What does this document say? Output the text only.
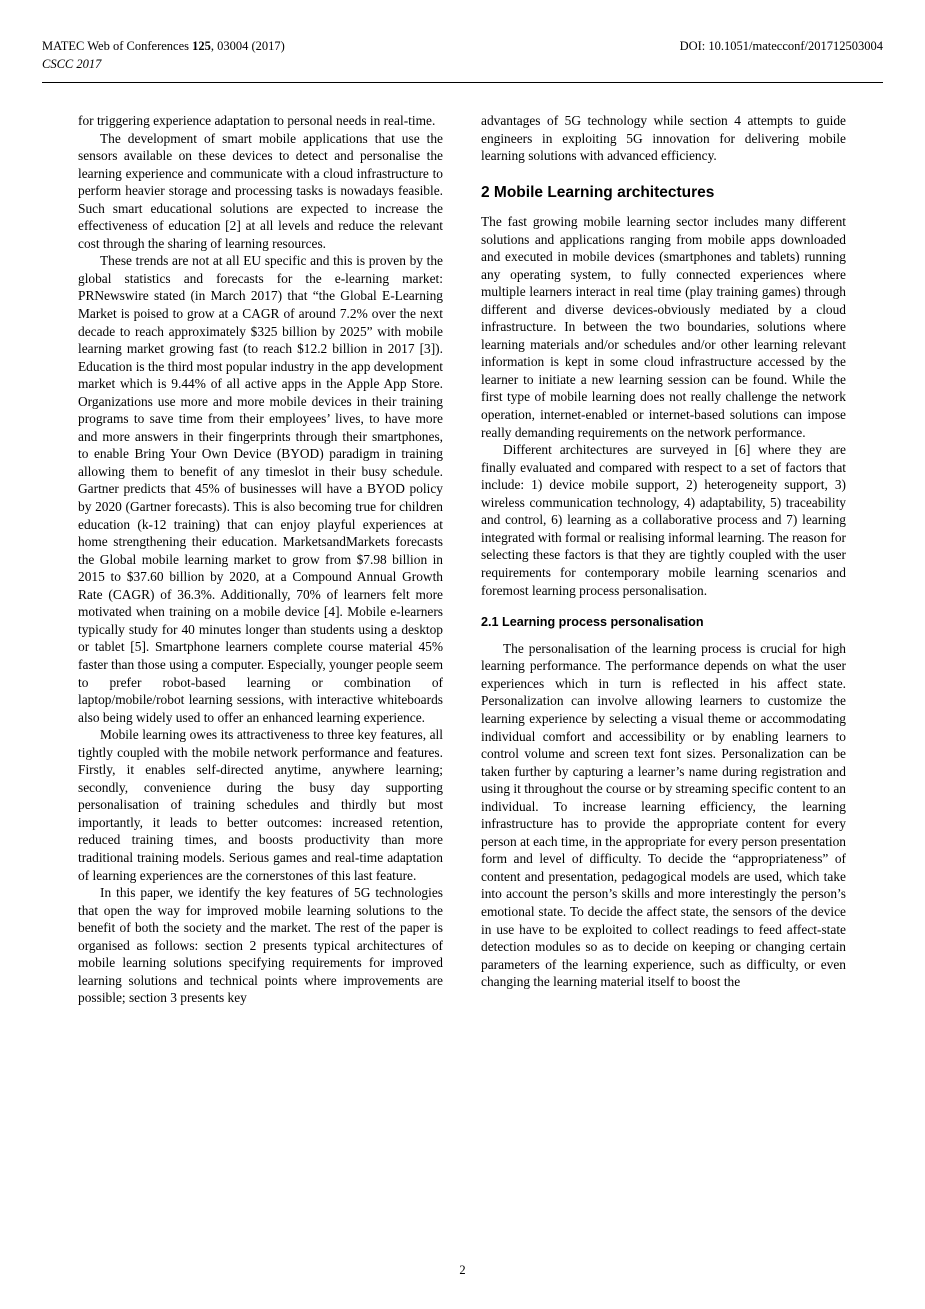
MATEC Web of Conferences 125, 03004 (2017)	DOI: 10.1051/matecconf/201712503004
CSCC 2017

for triggering experience adaptation to personal needs in real-time.

The development of smart mobile applications that use the sensors available on these devices to detect and personalise the learning experience and communicate with a cloud infrastructure to perform heavier storage and processing tasks is nowadays feasible. Such smart educational solutions are expected to increase the effectiveness of education [2] at all levels and reduce the relevant cost through the sharing of learning resources.

These trends are not at all EU specific and this is proven by the global statistics and forecasts for the e-learning market: PRNewswire stated (in March 2017) that “the Global E-Learning Market is poised to grow at a CAGR of around 7.2% over the next decade to reach approximately $325 billion by 2025” with mobile learning market growing fast (to reach $12.2 billion in 2017 [3]). Education is the third most popular industry in the app development market which is 9.44% of all active apps in the Apple App Store. Organizations use more and more mobile devices in their training programs to save time from their employees’ lives, to have more and more answers in their fingerprints through their smartphones, to enable Bring Your Own Device (BYOD) paradigm in training allowing them to benefit of any timeslot in their busy schedule. Gartner predicts that 45% of businesses will have a BYOD policy by 2020 (Gartner forecasts). This is also becoming true for children education (k-12 training) that can enjoy playful experiences at home strengthening their education. MarketsandMarkets forecasts the Global mobile learning market to grow from $7.98 billion in 2015 to $37.60 billion by 2020, at a Compound Annual Growth Rate (CAGR) of 36.3%. Additionally, 70% of learners felt more motivated when training on a mobile device [4]. Mobile e-learners typically study for 40 minutes longer than students using a desktop or tablet [5]. Smartphone learners complete course material 45% faster than those using a computer. Especially, younger people seem to prefer robot-based learning or combination of laptop/mobile/robot learning sessions, with interactive whiteboards also being widely used to offer an enhanced learning experience.

Mobile learning owes its attractiveness to three key features, all tightly coupled with the mobile network performance and features. Firstly, it enables self-directed anytime, anywhere learning; secondly, convenience during the busy day supporting personalisation of training schedules and thirdly but most importantly, it leads to better outcomes: increased retention, reduced training times, and boosts productivity than more traditional training models. Serious games and real-time adaptation of learning experiences are the cornerstones of this last feature.

In this paper, we identify the key features of 5G technologies that open the way for improved mobile learning solutions to the benefit of both the society and the market. The rest of the paper is organised as follows: section 2 presents typical architectures of mobile learning solutions specifying requirements for improved learning solutions and technical points where improvements are possible; section 3 presents key

advantages of 5G technology while section 4 attempts to guide engineers in exploiting 5G innovation for delivering mobile learning solutions with advanced efficiency.

2 Mobile Learning architectures

The fast growing mobile learning sector includes many different solutions and applications ranging from mobile apps downloaded and executed in mobile devices (smartphones and tablets) running any operating system, to fully connected experiences where multiple learners interact in real time (play training games) through different and diverse devices-obviously mediated by a cloud infrastructure. In between the two boundaries, solutions where learning materials and/or schedules and/or other learning relevant information is kept in some cloud infrastructure accessed by the learner to initiate a new learning session can be found. While the first type of mobile learning does not really challenge the network operation, internet-enabled or internet-based solutions can impose really demanding requirements on the network performance.

Different architectures are surveyed in [6] where they are finally evaluated and compared with respect to a set of factors that include: 1) device mobile support, 2) heterogeneity support, 3) wireless communication technology, 4) adaptability, 5) traceability and control, 6) learning as a collaborative process and 7) learning integrated with formal or realising informal learning. The reason for selecting these factors is that they are tightly coupled with the user requirements for contemporary mobile learning scenarios and foremost learning process personalisation.

2.1 Learning process personalisation

The personalisation of the learning process is crucial for high learning performance. The performance depends on what the user experiences which in turn is reflected in his affect state. Personalization can involve allowing learners to customize the learning experience by selecting a visual theme or accommodating individual comfort and accessibility or by enabling learners to control volume and screen text font sizes. Personalization can be taken further by capturing a learner’s name during registration and using it throughout the course or by streaming specific content to an individual. To increase learning efficiency, the learning infrastructure has to provide the appropriate content for every person at each time, in the appropriate for every person presentation form and level of difficulty. To decide the “appropriateness” of content and presentation, pedagogical models are used, which take into account the person’s skills and more interestingly the person’s emotional state. To decide the affect state, the sensors of the device in use have to be exploited to collect readings to feed affect-state detection modules so as to decide on keeping or changing certain parameters of the learning experience, such as difficulty, or even changing the learning material itself to boost the

2
